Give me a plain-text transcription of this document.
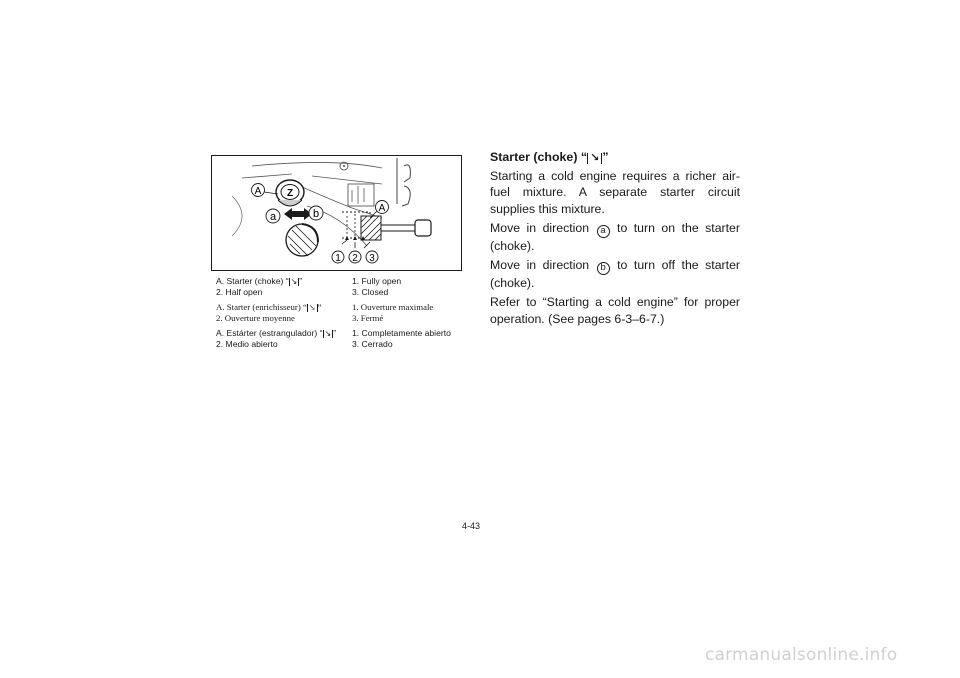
Z
A
a	b	A
1 2 3
A. Starter (choke) “ ↘ ”
2. Half open
1. Fully open
3. Closed
A. Starter (enrichisseur) “ ↘ ”
2. Ouverture moyenne
1. Ouverture maximale
3. Fermé
A. Estárter (estrangulador) “ ↘ ”
2. Medio abierto
1. Completamente abierto
3. Cerrado
Starter (choke) “ ↘ ”

Starting a cold engine requires a richer air-fuel mixture. A separate starter circuit supplies this mixture.

Move in direction a to turn on the starter (choke).

Move in direction b to turn off the starter (choke).

Refer to “Starting a cold engine” for proper operation. (See pages 6-3–6-7.)

4-43
carmanualsonline.info
